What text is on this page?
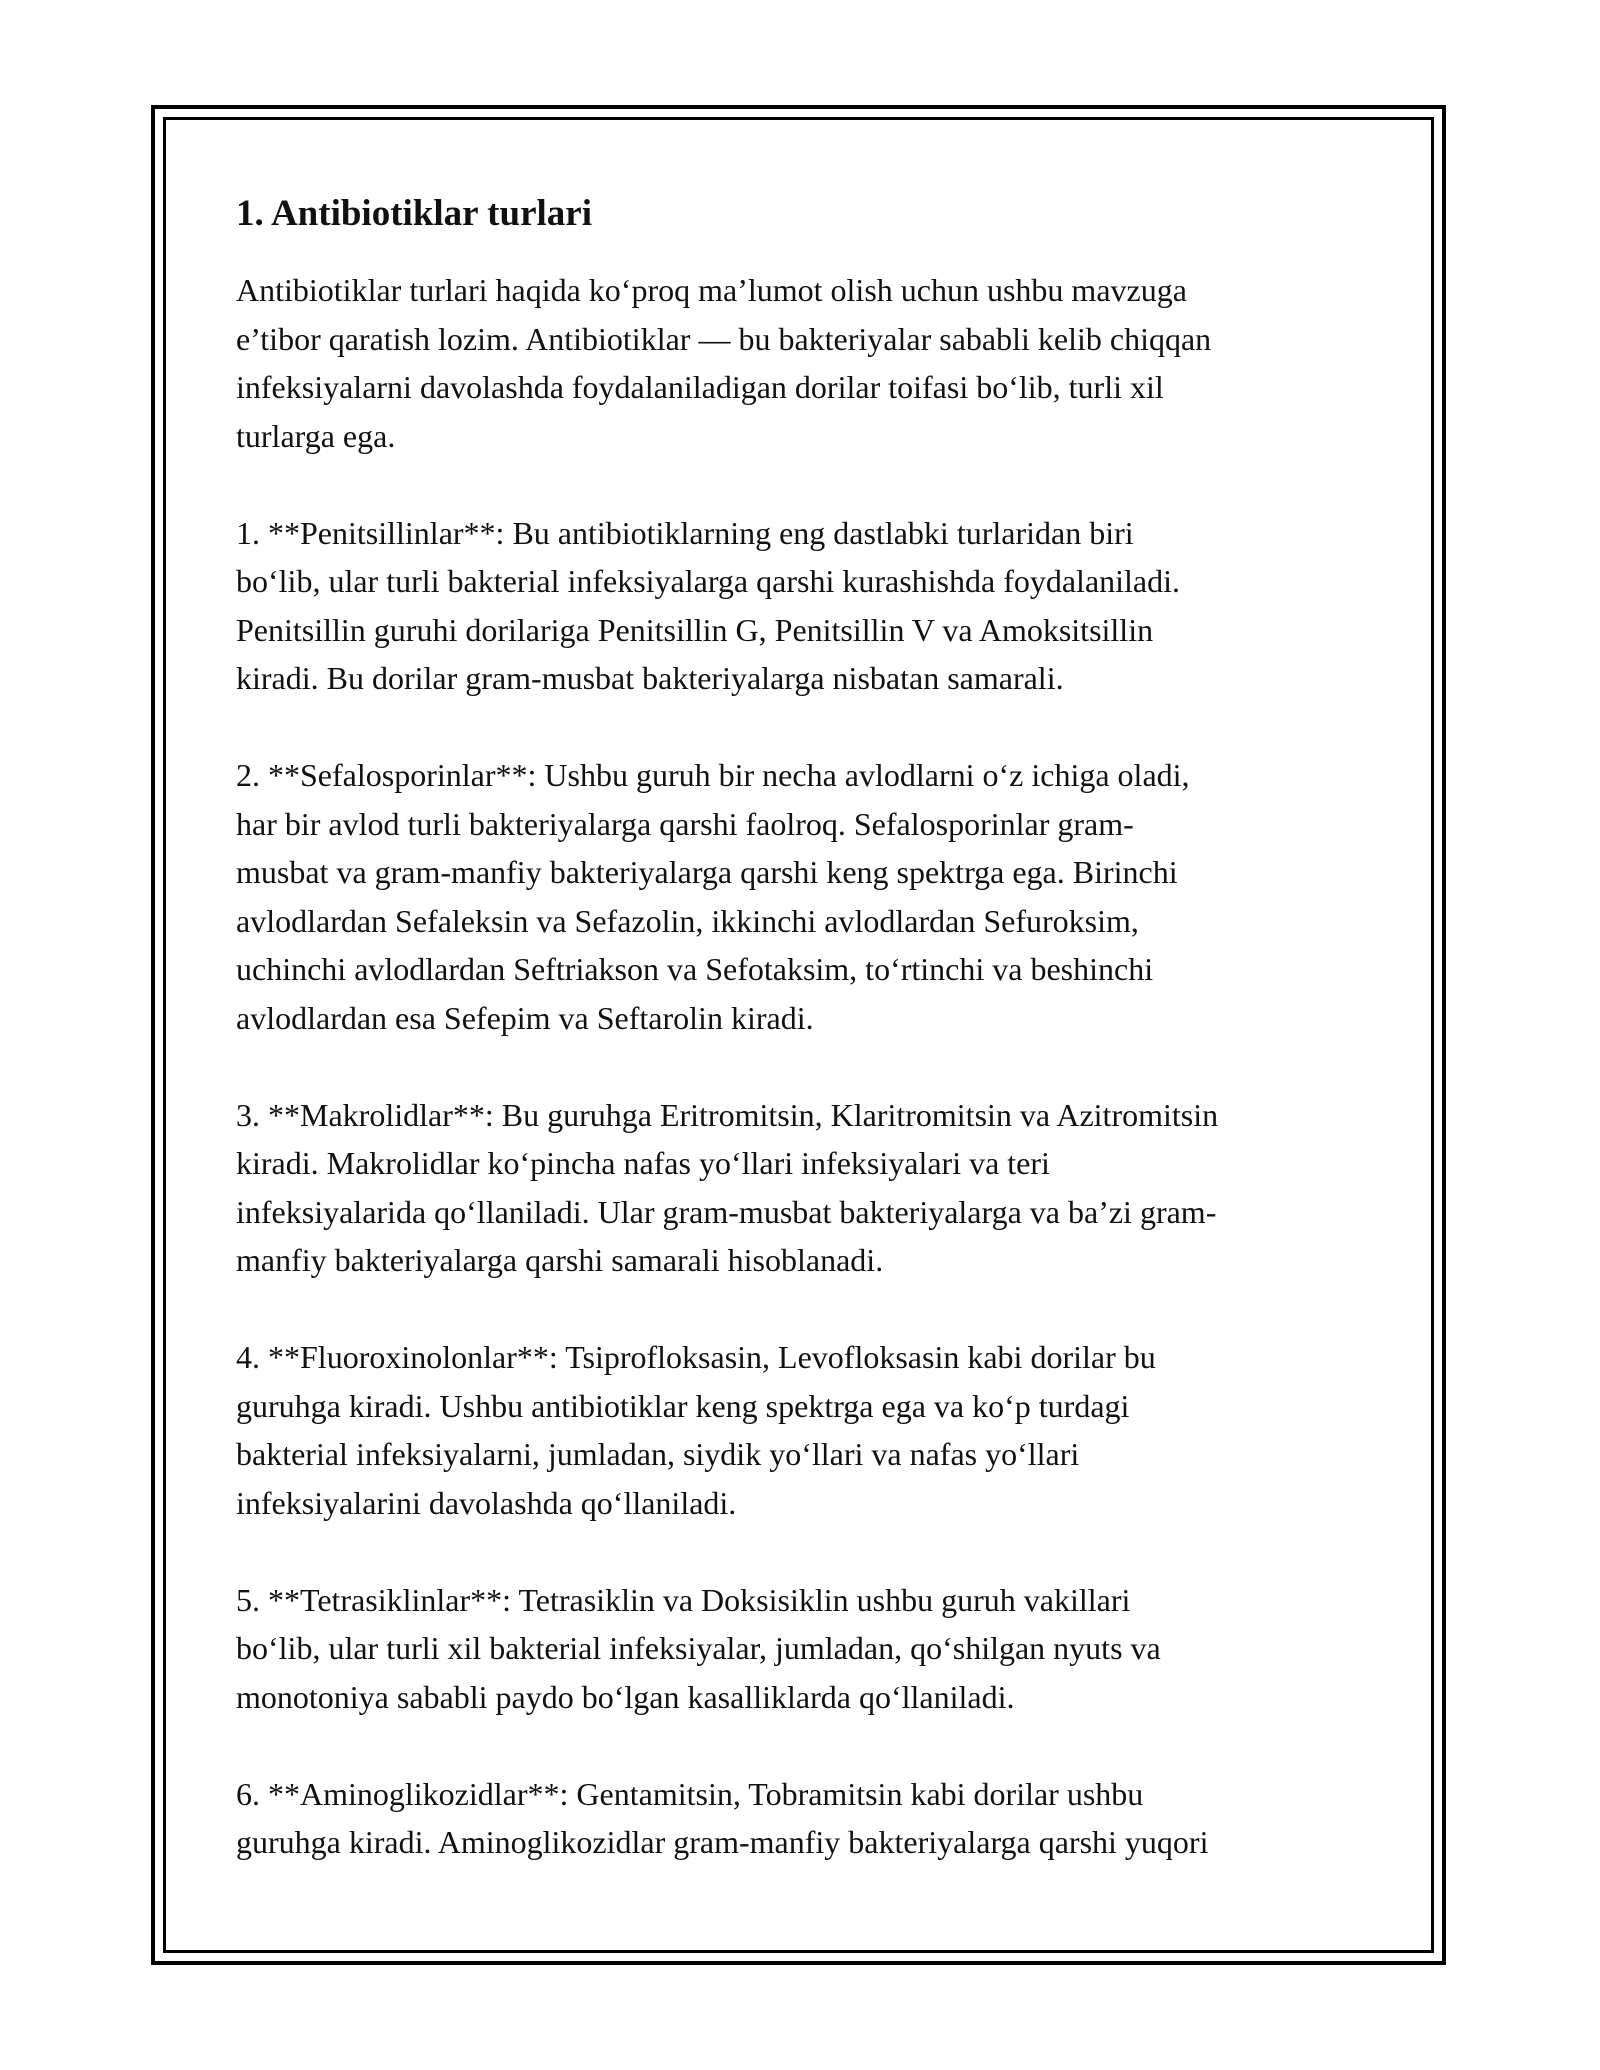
1. Antibiotiklar turlari

Antibiotiklar turlari haqida ko‘proq ma’lumot olish uchun ushbu mavzuga
e’tibor qaratish lozim. Antibiotiklar — bu bakteriyalar sababli kelib chiqqan
infeksiyalarni davolashda foydalaniladigan dorilar toifasi bo‘lib, turli xil
turlarga ega.

1. **Penitsillinlar**: Bu antibiotiklarning eng dastlabki turlaridan biri
bo‘lib, ular turli bakterial infeksiyalarga qarshi kurashishda foydalaniladi.
Penitsillin guruhi dorilariga Penitsillin G, Penitsillin V va Amoksitsillin
kiradi. Bu dorilar gram-musbat bakteriyalarga nisbatan samarali.

2. **Sefalosporinlar**: Ushbu guruh bir necha avlodlarni o‘z ichiga oladi,
har bir avlod turli bakteriyalarga qarshi faolroq. Sefalosporinlar gram-
musbat va gram-manfiy bakteriyalarga qarshi keng spektrga ega. Birinchi
avlodlardan Sefaleksin va Sefazolin, ikkinchi avlodlardan Sefuroksim,
uchinchi avlodlardan Seftriakson va Sefotaksim, to‘rtinchi va beshinchi
avlodlardan esa Sefepim va Seftarolin kiradi.

3. **Makrolidlar**: Bu guruhga Eritromitsin, Klaritromitsin va Azitromitsin
kiradi. Makrolidlar ko‘pincha nafas yo‘llari infeksiyalari va teri
infeksiyalarida qo‘llaniladi. Ular gram-musbat bakteriyalarga va ba’zi gram-
manfiy bakteriyalarga qarshi samarali hisoblanadi.

4. **Fluoroxinolonlar**: Tsiprofloksasin, Levofloksasin kabi dorilar bu
guruhga kiradi. Ushbu antibiotiklar keng spektrga ega va ko‘p turdagi
bakterial infeksiyalarni, jumladan, siydik yo‘llari va nafas yo‘llari
infeksiyalarini davolashda qo‘llaniladi.

5. **Tetrasiklinlar**: Tetrasiklin va Doksisiklin ushbu guruh vakillari
bo‘lib, ular turli xil bakterial infeksiyalar, jumladan, qo‘shilgan nyuts va
monotoniya sababli paydo bo‘lgan kasalliklarda qo‘llaniladi.

6. **Aminoglikozidlar**: Gentamitsin, Tobramitsin kabi dorilar ushbu
guruhga kiradi. Aminoglikozidlar gram-manfiy bakteriyalarga qarshi yuqori
